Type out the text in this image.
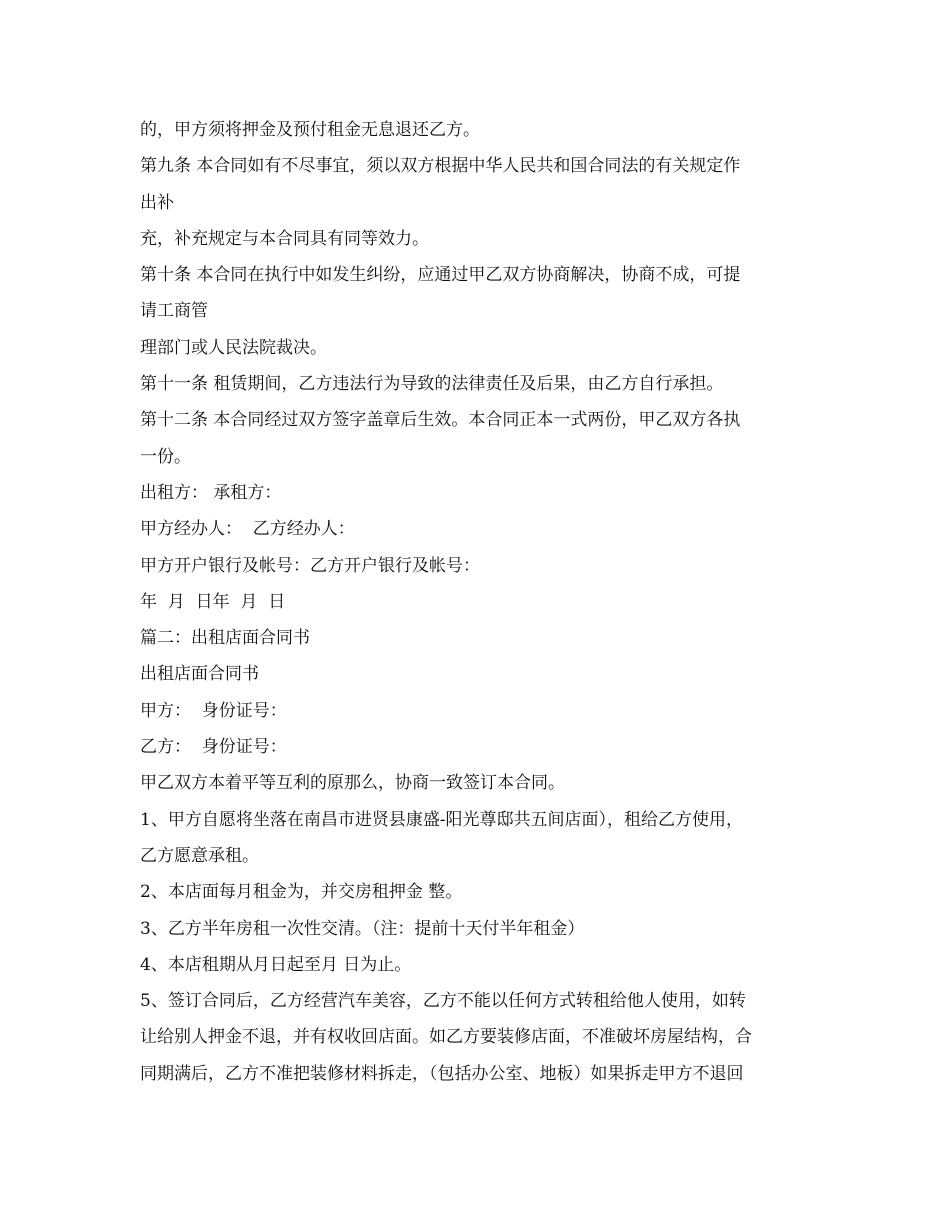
的，甲方须将押金及预付租金无息退还乙方。
第九条 本合同如有不尽事宜，须以双方根据中华人民共和国合同法的有关规定作
出补
充，补充规定与本合同具有同等效力。
第十条 本合同在执行中如发生纠纷，应通过甲乙双方协商解决，协商不成，可提
请工商管
理部门或人民法院裁决。
第十一条 租赁期间，乙方违法行为导致的法律责任及后果，由乙方自行承担。
第十二条 本合同经过双方签字盖章后生效。本合同正本一式两份，甲乙双方各执
一份。
出租方： 承租方：
甲方经办人：  乙方经办人：
甲方开户银行及帐号：乙方开户银行及帐号：
年  月  日年  月  日
篇二：出租店面合同书
出租店面合同书
甲方：  身份证号：
乙方：  身份证号：
甲乙双方本着平等互利的原那么，协商一致签订本合同。
1、甲方自愿将坐落在南昌市进贤县康盛-阳光尊邸共五间店面），租给乙方使用，
乙方愿意承租。
2、本店面每月租金为，并交房租押金 整。
3、乙方半年房租一次性交清。（注：提前十天付半年租金）
4、本店租期从月日起至月 日为止。
5、签订合同后，乙方经营汽车美容，乙方不能以任何方式转租给他人使用，如转
让给别人押金不退，并有权收回店面。如乙方要装修店面，不准破坏房屋结构，合
同期满后，乙方不准把装修材料拆走，（包括办公室、地板）如果拆走甲方不退回
